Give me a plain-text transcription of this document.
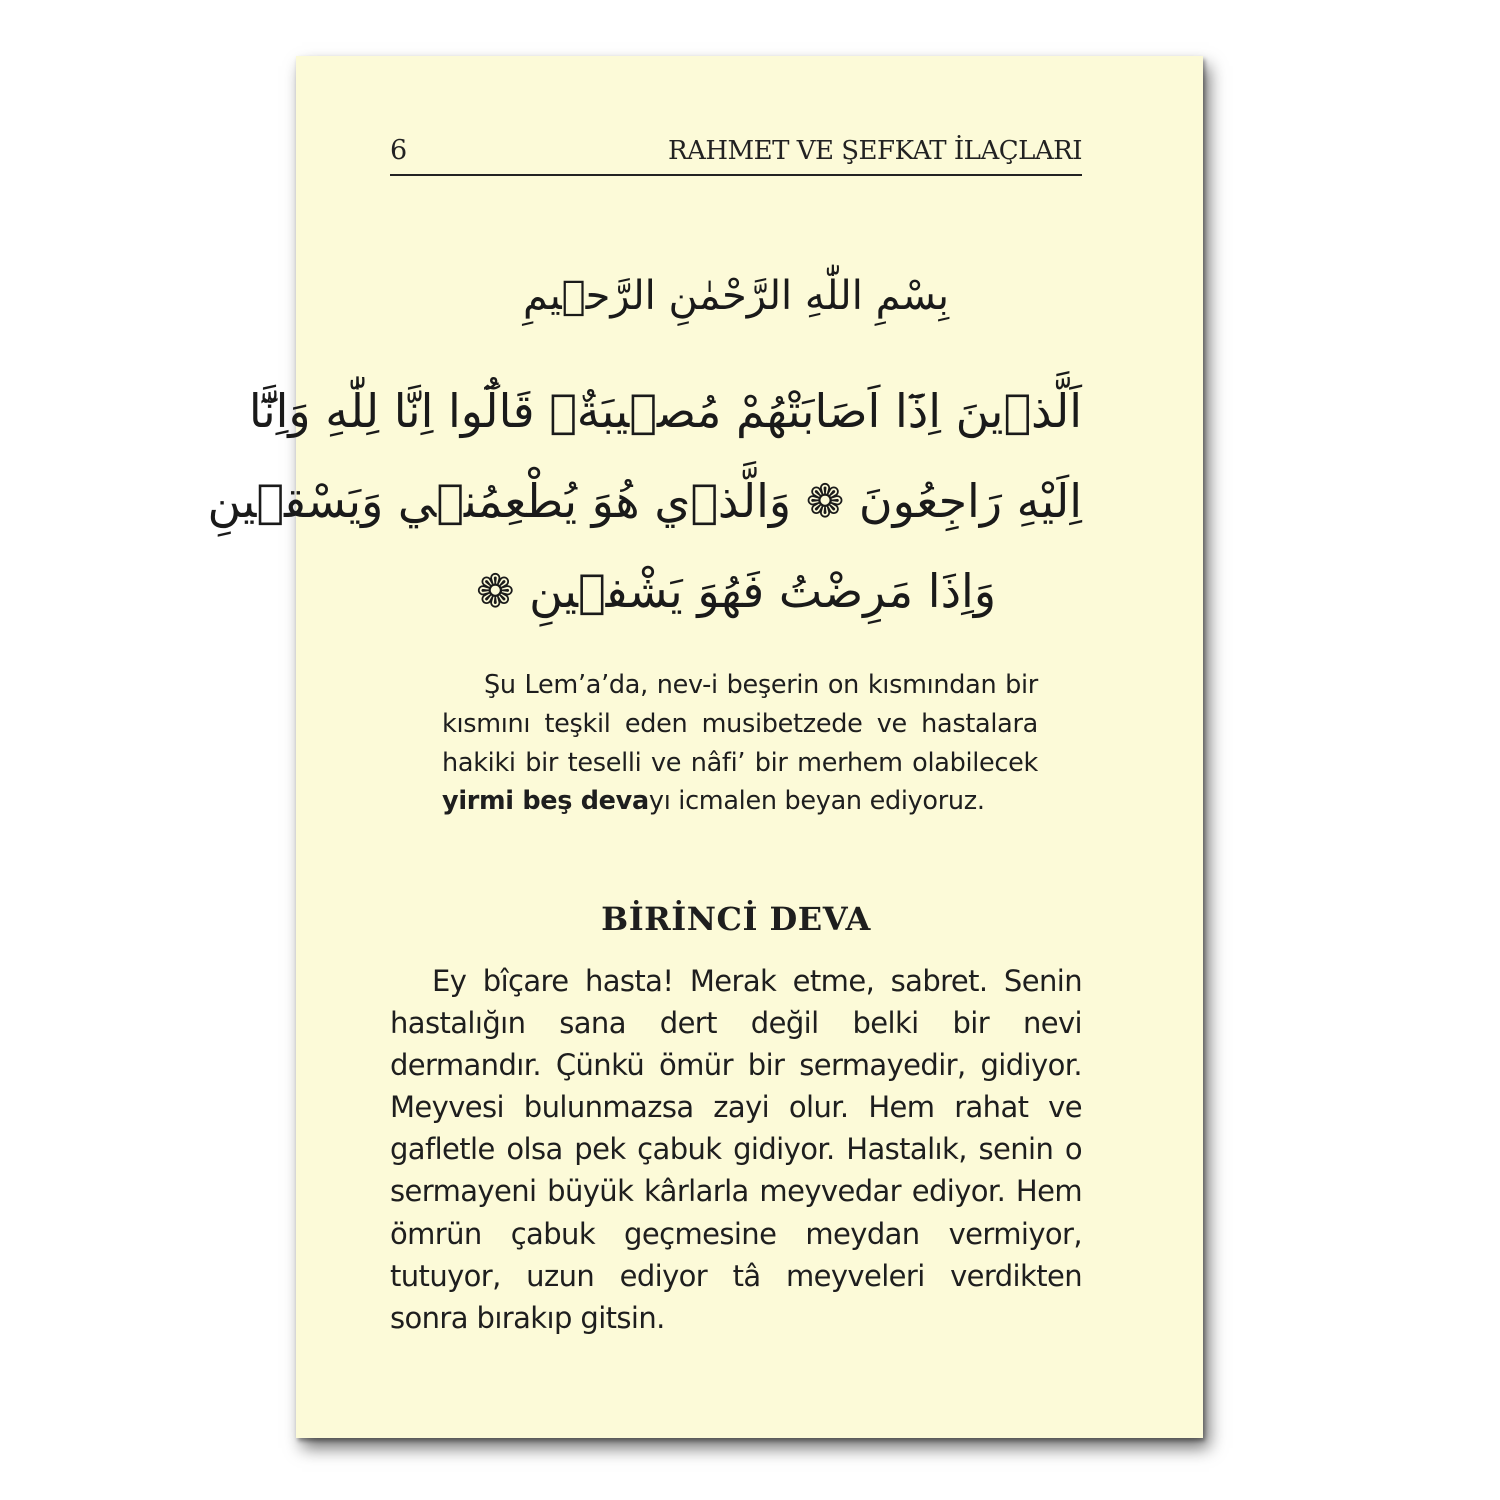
6	RAHMET VE ŞEFKAT İLAÇLARI
بِسْمِ اللّٰهِ الرَّحْمٰنِ الرَّح۪يمِ
اَلَّذ۪ينَ اِذَٓا اَصَابَتْهُمْ مُص۪يبَةٌۙ قَالُٓوا اِنَّا لِلّٰهِ وَاِنَّٓا
اِلَيْهِ رَاجِعُونَ ❁ وَالَّذ۪ي هُوَ يُطْعِمُن۪ي وَيَسْق۪ينِ
وَاِذَا مَرِضْتُ فَهُوَ يَشْف۪ينِ ❁

Şu Lem’a’da, nev-i beşerin on kısmından bir kısmını teşkil eden musibetzede ve hastalara hakiki bir teselli ve nâfi’ bir merhem olabilecek yirmi beş devayı icmalen beyan ediyoruz.

BİRİNCİ DEVA

Ey bîçare hasta! Merak etme, sabret. Senin hastalığın sana dert değil belki bir nevi dermandır. Çünkü ömür bir sermayedir, gidiyor. Meyvesi bulunmazsa zayi olur. Hem rahat ve gafletle olsa pek çabuk gidiyor. Hastalık, senin o sermayeni büyük kârlarla meyvedar ediyor. Hem ömrün çabuk geçmesine meydan vermiyor, tutuyor, uzun ediyor tâ meyveleri verdikten sonra bırakıp gitsin.
